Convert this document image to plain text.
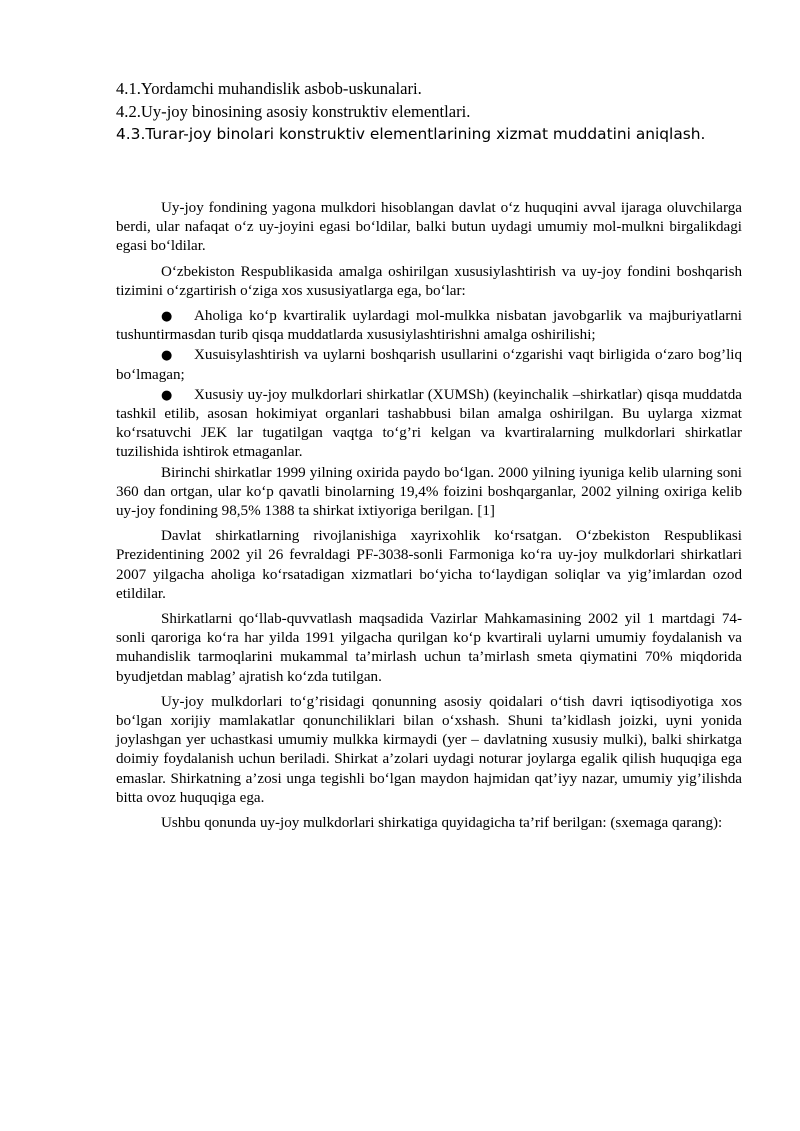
4.1.Yordamchi muhandislik asbob-uskunalari.
4.2.Uy-joy binosining asosiy konstruktiv elementlari.
4.3.Turar-joy binolari konstruktiv elementlarining xizmat muddatini aniqlash.

Uy-joy fondining yagona mulkdori hisoblangan davlat o‘z huquqini avval ijaraga oluvchilarga berdi, ular nafaqat o‘z uy-joyini egasi bo‘ldilar, balki butun uydagi umumiy mol-mulkni birgalikdagi egasi bo‘ldilar.

O‘zbekiston Respublikasida amalga oshirilgan xususiylashtirish va uy-joy fondini boshqarish tizimini o‘zgartirish o‘ziga xos xususiyatlarga ega, bo‘lar:

● Aholiga ko‘p kvartiralik uylardagi mol-mulkka nisbatan javobgarlik va majburiyatlarni tushuntirmasdan turib qisqa muddatlarda xususiylashtirishni amalga oshirilishi;

● Xusuisylashtirish va uylarni boshqarish usullarini o‘zgarishi vaqt birligida o‘zaro bog’liq bo‘lmagan;

● Xususiy uy-joy mulkdorlari shirkatlar (XUMSh) (keyinchalik –shirkatlar) qisqa muddatda tashkil etilib, asosan hokimiyat organlari tashabbusi bilan amalga oshirilgan. Bu uylarga xizmat ko‘rsatuvchi JEK lar tugatilgan vaqtga to‘g’ri kelgan va kvartiralarning mulkdorlari shirkatlar tuzilishida ishtirok etmaganlar.

Birinchi shirkatlar 1999 yilning oxirida paydo bo‘lgan. 2000 yilning iyuniga kelib ularning soni 360 dan ortgan, ular ko‘p qavatli binolarning 19,4% foizini boshqarganlar, 2002 yilning oxiriga kelib uy-joy fondining 98,5% 1388 ta shirkat ixtiyoriga berilgan. [1]

Davlat shirkatlarning rivojlanishiga xayrixohlik ko‘rsatgan. O‘zbekiston Respublikasi Prezidentining 2002 yil 26 fevraldagi PF-3038-sonli Farmoniga ko‘ra uy-joy mulkdorlari shirkatlari 2007 yilgacha aholiga ko‘rsatadigan xizmatlari bo‘yicha to‘laydigan soliqlar va yig’imlardan ozod etildilar.

Shirkatlarni qo‘llab-quvvatlash maqsadida Vazirlar Mahkamasining 2002 yil 1 martdagi 74-sonli qaroriga ko‘ra har yilda 1991 yilgacha qurilgan ko‘p kvartirali uylarni umumiy foydalanish va muhandislik tarmoqlarini mukammal ta’mirlash uchun ta’mirlash smeta qiymatini 70% miqdorida byudjetdan mablag’ ajratish ko‘zda tutilgan.

Uy-joy mulkdorlari to‘g’risidagi qonunning asosiy qoidalari o‘tish davri iqtisodiyotiga xos bo‘lgan xorijiy mamlakatlar qonunchiliklari bilan o‘xshash. Shuni ta’kidlash joizki, uyni yonida joylashgan yer uchastkasi umumiy mulkka kirmaydi (yer – davlatning xususiy mulki), balki shirkatga doimiy foydalanish uchun beriladi. Shirkat a’zolari uydagi noturar joylarga egalik qilish huquqiga ega emaslar. Shirkatning a’zosi unga tegishli bo‘lgan maydon hajmidan qat’iyy nazar, umumiy yig’ilishda bitta ovoz huquqiga ega.

Ushbu qonunda uy-joy mulkdorlari shirkatiga quyidagicha ta’rif berilgan: (sxemaga qarang):
